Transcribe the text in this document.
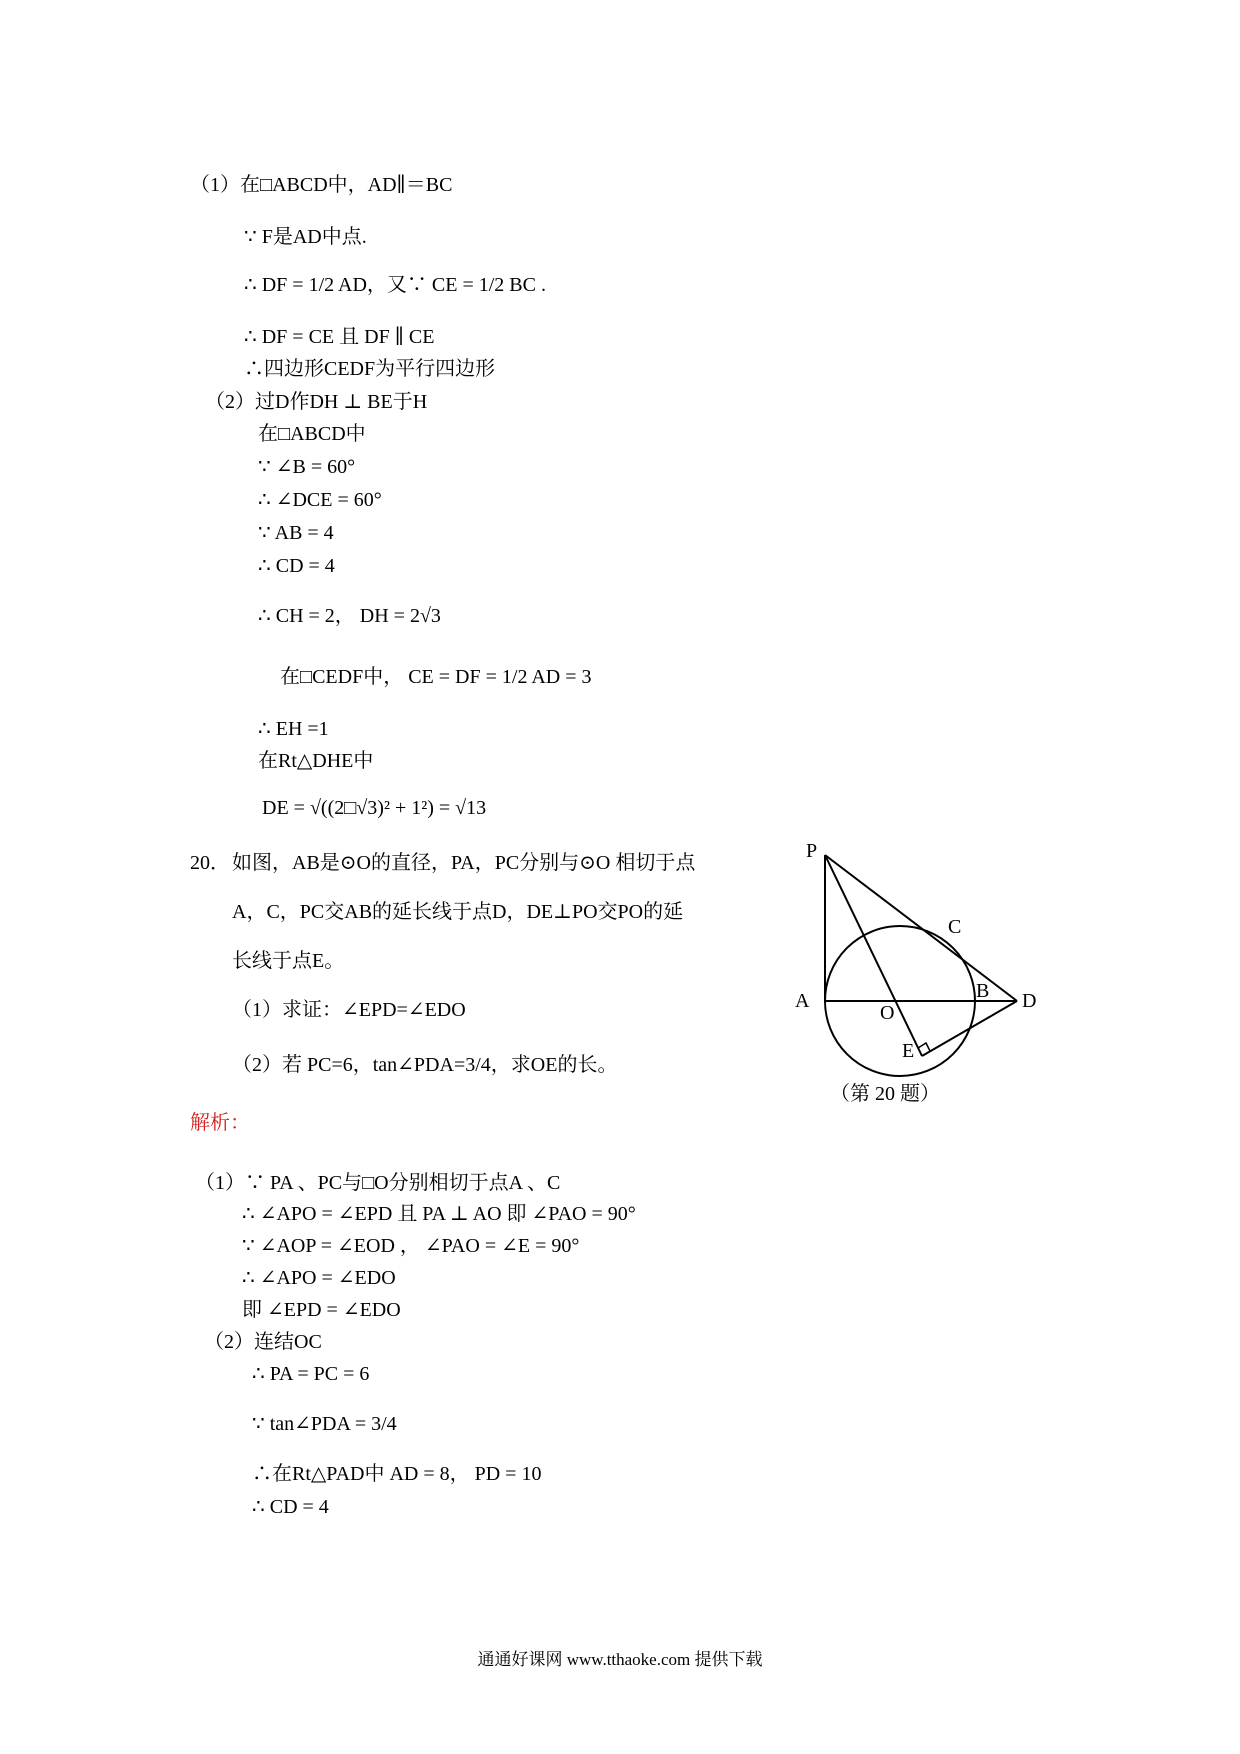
（1）在□ABCD中，AD∥＝BC
∵ F是AD中点.
∴ DF = 1/2 AD，又∵ CE = 1/2 BC .
∴ DF = CE 且 DF ∥ CE
∴四边形CEDF为平行四边形
（2）过D作DH ⊥ BE于H
在□ABCD中
∵ ∠B = 60°
∴ ∠DCE = 60°
∵ AB = 4
∴ CD = 4
∴ CH = 2， DH = 2√3
在□CEDF中， CE = DF = 1/2 AD = 3
∴ EH =1
在Rt△DHE中
DE = √((2□√3)² + 1²) = √13
20． 如图，AB是⊙O的直径，PA，PC分别与⊙O 相切于点
A，C，PC交AB的延长线于点D，DE⊥PO交PO的延
长线于点E。
（1）求证：∠EPD=∠EDO
（2）若 PC=6，tan∠PDA=3/4，求OE的长。
P
C
A
O
B D
E
（第 20 题）
解析：
（1）∵ PA 、PC与□O分别相切于点A 、C
∴ ∠APO = ∠EPD 且 PA ⊥ AO 即 ∠PAO = 90°
∵ ∠AOP = ∠EOD ， ∠PAO = ∠E = 90°
∴ ∠APO = ∠EDO
即 ∠EPD = ∠EDO
（2）连结OC
∴ PA = PC = 6
∵ tan∠PDA = 3/4
∴在Rt△PAD中 AD = 8， PD = 10
∴ CD = 4
通通好课网 www.tthaoke.com 提供下载
